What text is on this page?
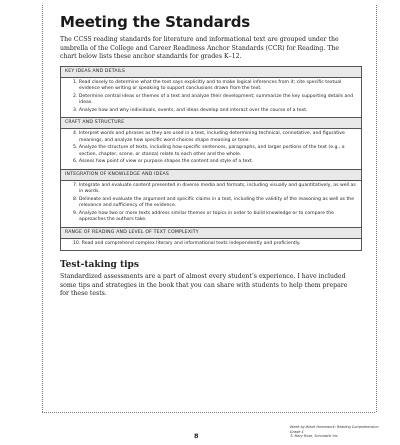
Meeting the Standards

The CCSS reading standards for literature and informational text are grouped under the umbrella of the College and Career Readiness Anchor Standards (CCR) for Reading. The chart below lists these anchor standards for grades K–12.

KEY IDEAS AND DETAILS
1. Read closely to determine what the text says explicitly and to make logical inferences from it; cite specific textual evidence when writing or speaking to support conclusions drawn from the text.
2. Determine central ideas or themes of a text and analyze their development; summarize the key supporting details and ideas.
3. Analyze how and why individuals, events, and ideas develop and interact over the course of a text.
CRAFT AND STRUCTURE
4. Interpret words and phrases as they are used in a text, including determining technical, connotative, and figurative meanings, and analyze how specific word choices shape meaning or tone.
5. Analyze the structure of texts, including how specific sentences, paragraphs, and larger portions of the text (e.g., a section, chapter, scene, or stanza) relate to each other and the whole.
6. Assess how point of view or purpose shapes the content and style of a text.
INTEGRATION OF KNOWLEDGE AND IDEAS
7. Integrate and evaluate content presented in diverse media and formats, including visually and quantitatively, as well as in words.
8. Delineate and evaluate the argument and specific claims in a text, including the validity of the reasoning as well as the relevance and sufficiency of the evidence.
9. Analyze how two or more texts address similar themes or topics in order to build knowledge or to compare the approaches the authors take.
RANGE OF READING AND LEVEL OF TEXT COMPLEXITY
10. Read and comprehend complex literary and informational texts independently and proficiently.
Test-taking tips

Standardized assessments are a part of almost every student’s experience. I have included some tips and strategies in the book that you can share with students to help them prepare for these tests.

8
Week-by-Week Homework: Reading Comprehension Grade 4
© Mary Rose, Scholastic Inc.
